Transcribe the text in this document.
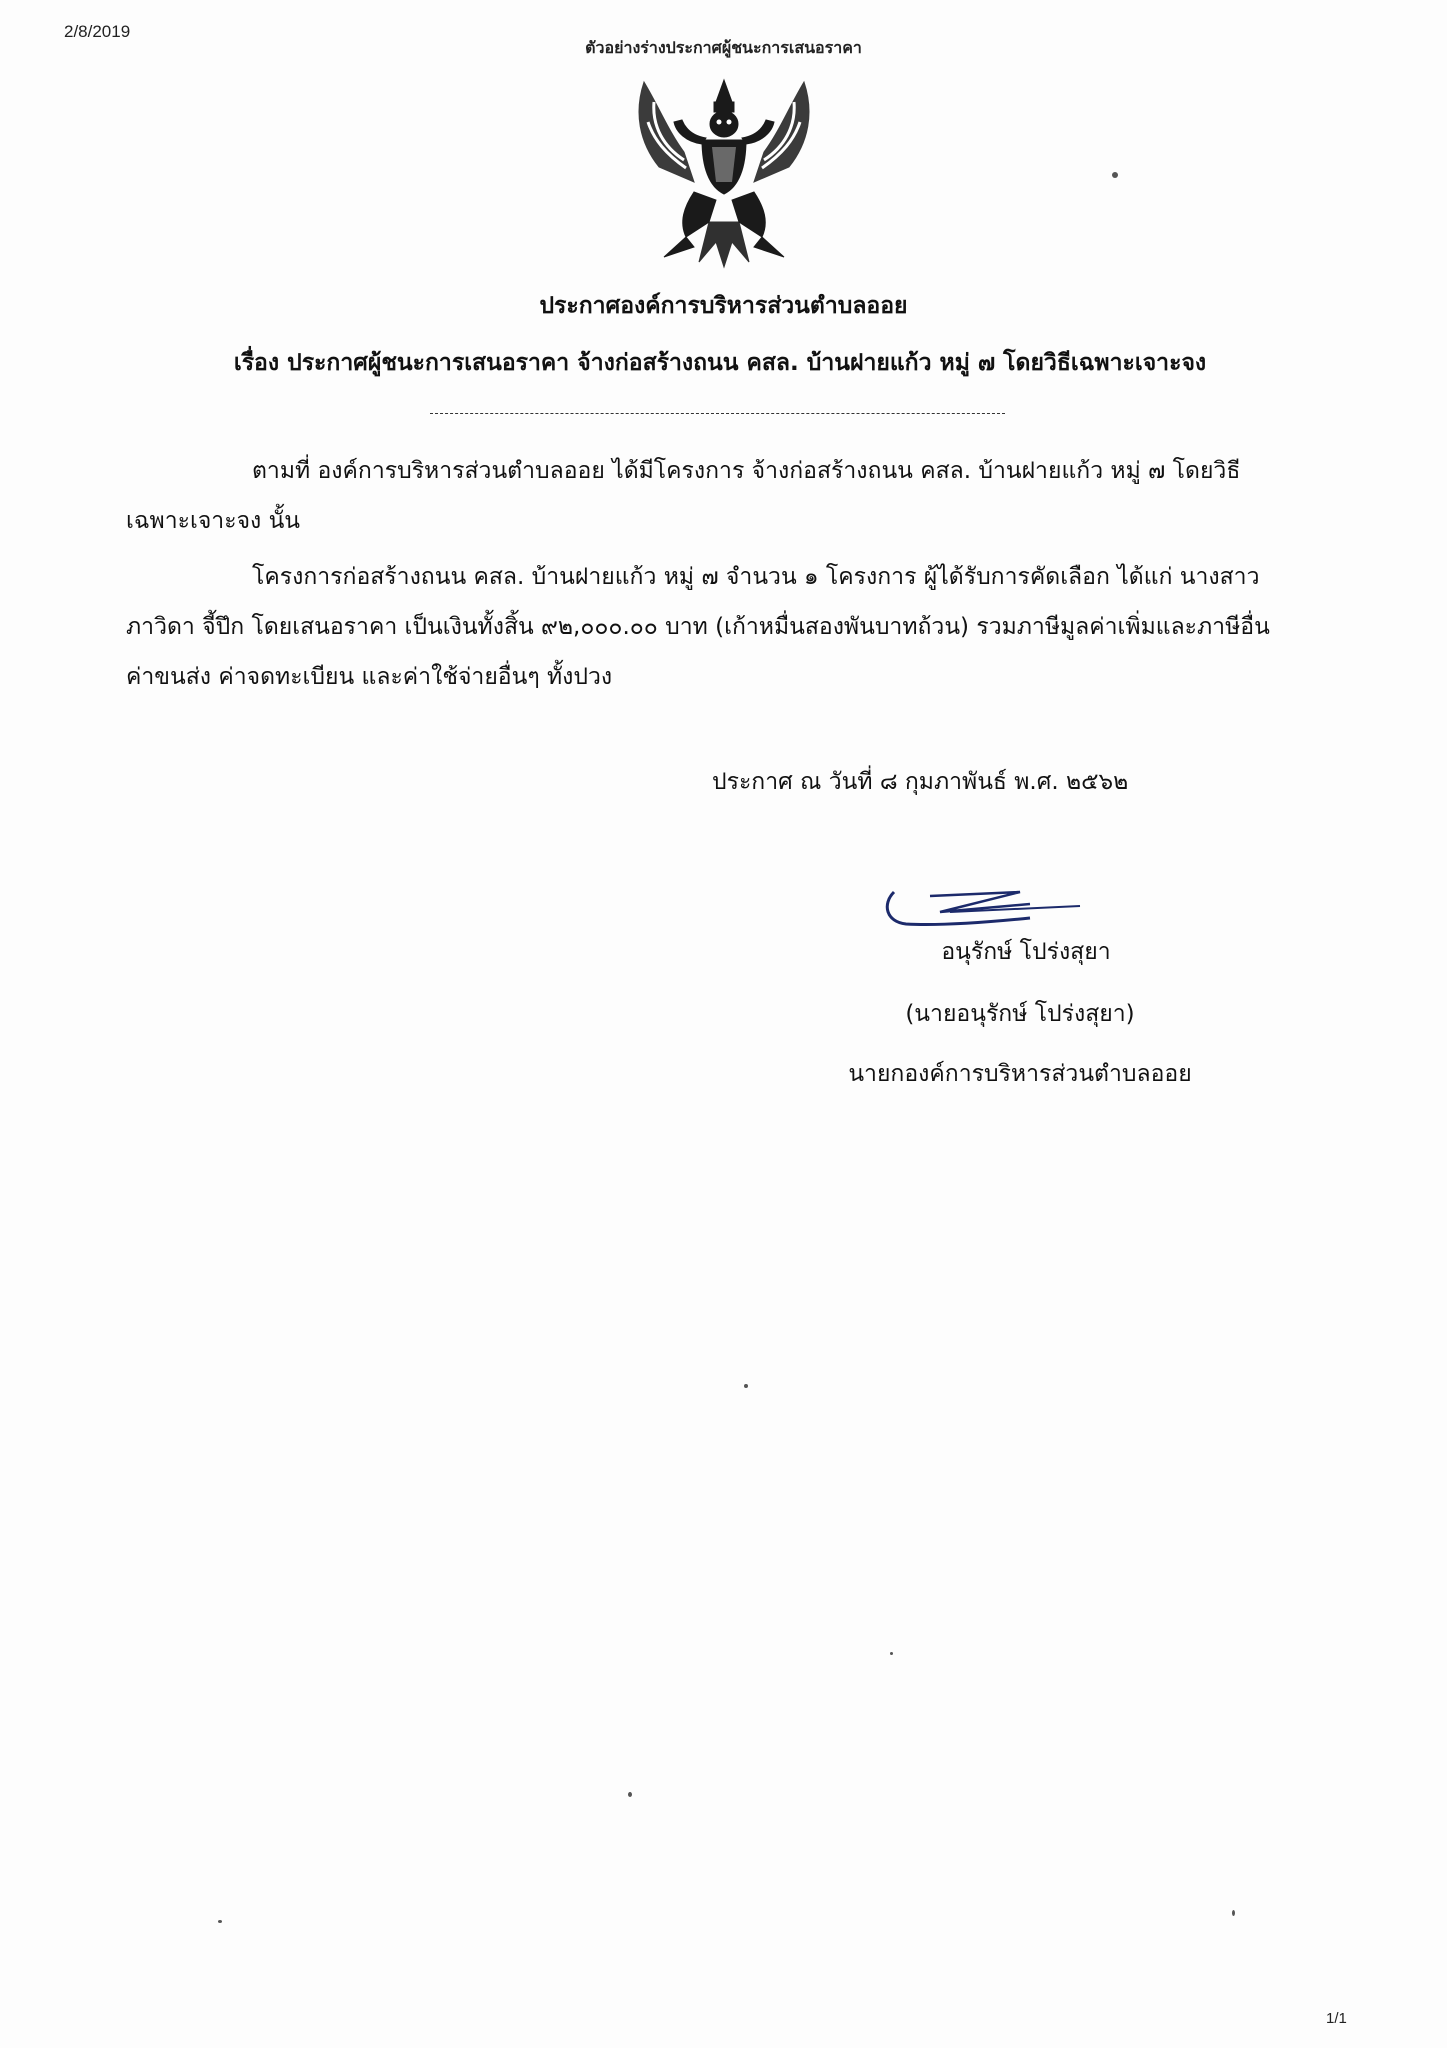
2/8/2019
ตัวอย่างร่างประกาศผู้ชนะการเสนอราคา
ประกาศองค์การบริหารส่วนตำบลออย
เรื่อง ประกาศผู้ชนะการเสนอราคา จ้างก่อสร้างถนน คสล. บ้านฝายแก้ว หมู่ ๗ โดยวิธีเฉพาะเจาะจง
ตามที่ องค์การบริหารส่วนตำบลออย ได้มีโครงการ จ้างก่อสร้างถนน คสล. บ้านฝายแก้ว หมู่ ๗ โดยวิธีเฉพาะเจาะจง นั้น
โครงการก่อสร้างถนน คสล. บ้านฝายแก้ว หมู่ ๗ จำนวน ๑ โครงการ ผู้ได้รับการคัดเลือก ได้แก่ นางสาวภาวิดา จี้ปึก โดยเสนอราคา เป็นเงินทั้งสิ้น ๙๒,๐๐๐.๐๐ บาท (เก้าหมื่นสองพันบาทถ้วน) รวมภาษีมูลค่าเพิ่มและภาษีอื่น ค่าขนส่ง ค่าจดทะเบียน และค่าใช้จ่ายอื่นๆ ทั้งปวง
ประกาศ ณ วันที่ ๘ กุมภาพันธ์ พ.ศ. ๒๕๖๒
อนุรักษ์ โปร่งสุยา
(นายอนุรักษ์ โปร่งสุยา)
นายกองค์การบริหารส่วนตำบลออย
1/1
